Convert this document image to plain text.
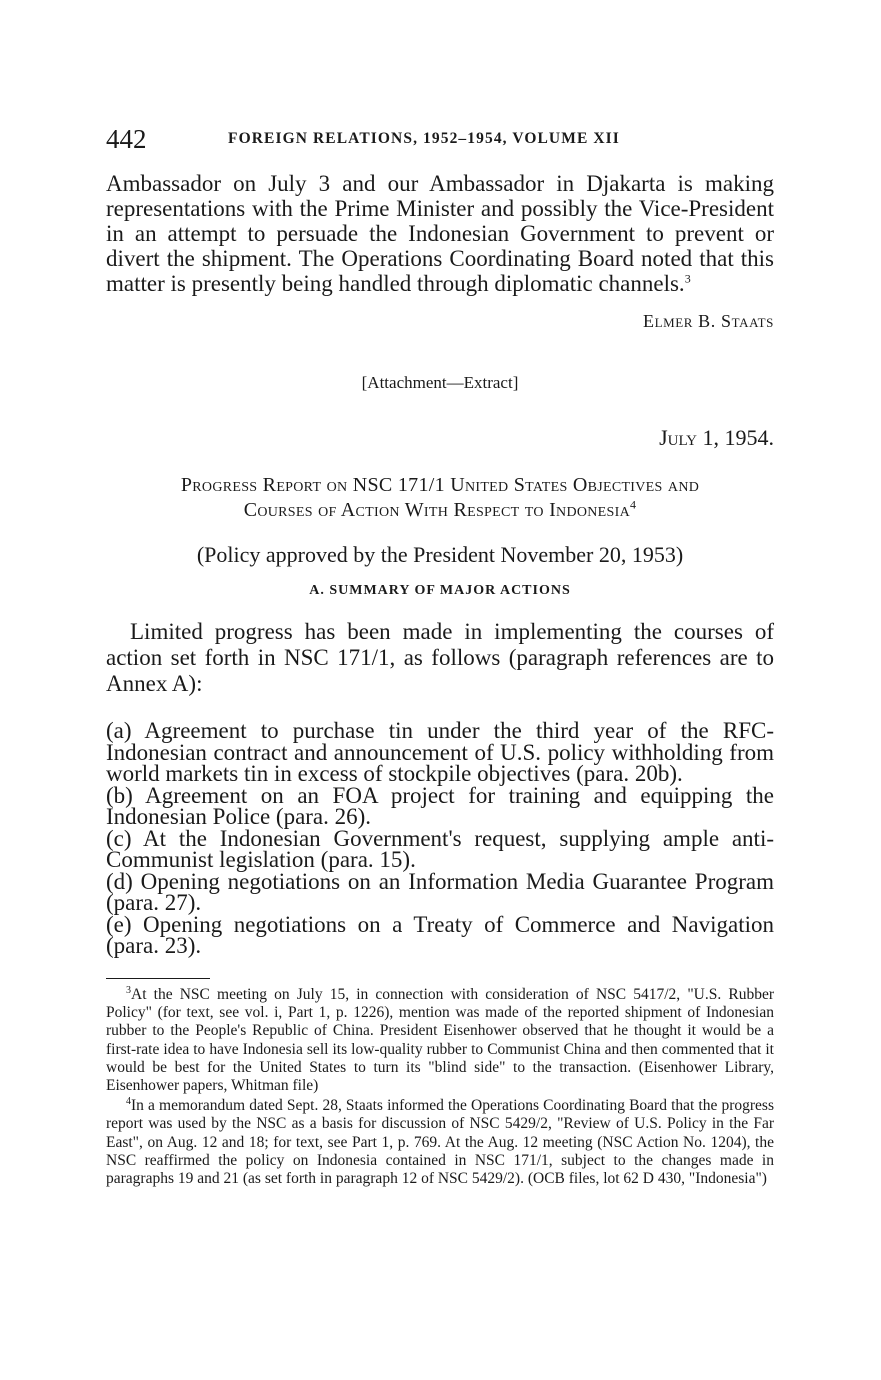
442	FOREIGN RELATIONS, 1952–1954, VOLUME XII

Ambassador on July 3 and our Ambassador in Djakarta is making representations with the Prime Minister and possibly the Vice-President in an attempt to persuade the Indonesian Government to prevent or divert the shipment. The Operations Coordinating Board noted that this matter is presently being handled through diplomatic channels.$^3$

Elmer B. Staats
[Attachment—Extract]
July 1, 1954.
Progress Report on NSC 171/1 United States Objectives and
Courses of Action With Respect to Indonesia$^4$
(Policy approved by the President November 20, 1953)
A. SUMMARY OF MAJOR ACTIONS

Limited progress has been made in implementing the courses of action set forth in NSC 171/1, as follows (paragraph references are to Annex A):

(a) Agreement to purchase tin under the third year of the RFC-Indonesian contract and announcement of U.S. policy withholding from world markets tin in excess of stockpile objectives (para. 20b).
(b) Agreement on an FOA project for training and equipping the Indonesian Police (para. 26).
(c) At the Indonesian Government's request, supplying ample anti-Communist legislation (para. 15).
(d) Opening negotiations on an Information Media Guarantee Program (para. 27).
(e) Opening negotiations on a Treaty of Commerce and Navigation (para. 23).

$^3$At the NSC meeting on July 15, in connection with consideration of NSC 5417/2, "U.S. Rubber Policy" (for text, see vol. i, Part 1, p. 1226), mention was made of the reported shipment of Indonesian rubber to the People's Republic of China. President Eisenhower observed that he thought it would be a first-rate idea to have Indonesia sell its low-quality rubber to Communist China and then commented that it would be best for the United States to turn its "blind side" to the transaction. (Eisenhower Library, Eisenhower papers, Whitman file)

$^4$In a memorandum dated Sept. 28, Staats informed the Operations Coordinating Board that the progress report was used by the NSC as a basis for discussion of NSC 5429/2, "Review of U.S. Policy in the Far East", on Aug. 12 and 18; for text, see Part 1, p. 769. At the Aug. 12 meeting (NSC Action No. 1204), the NSC reaffirmed the policy on Indonesia contained in NSC 171/1, subject to the changes made in paragraphs 19 and 21 (as set forth in paragraph 12 of NSC 5429/2). (OCB files, lot 62 D 430, "Indonesia")
